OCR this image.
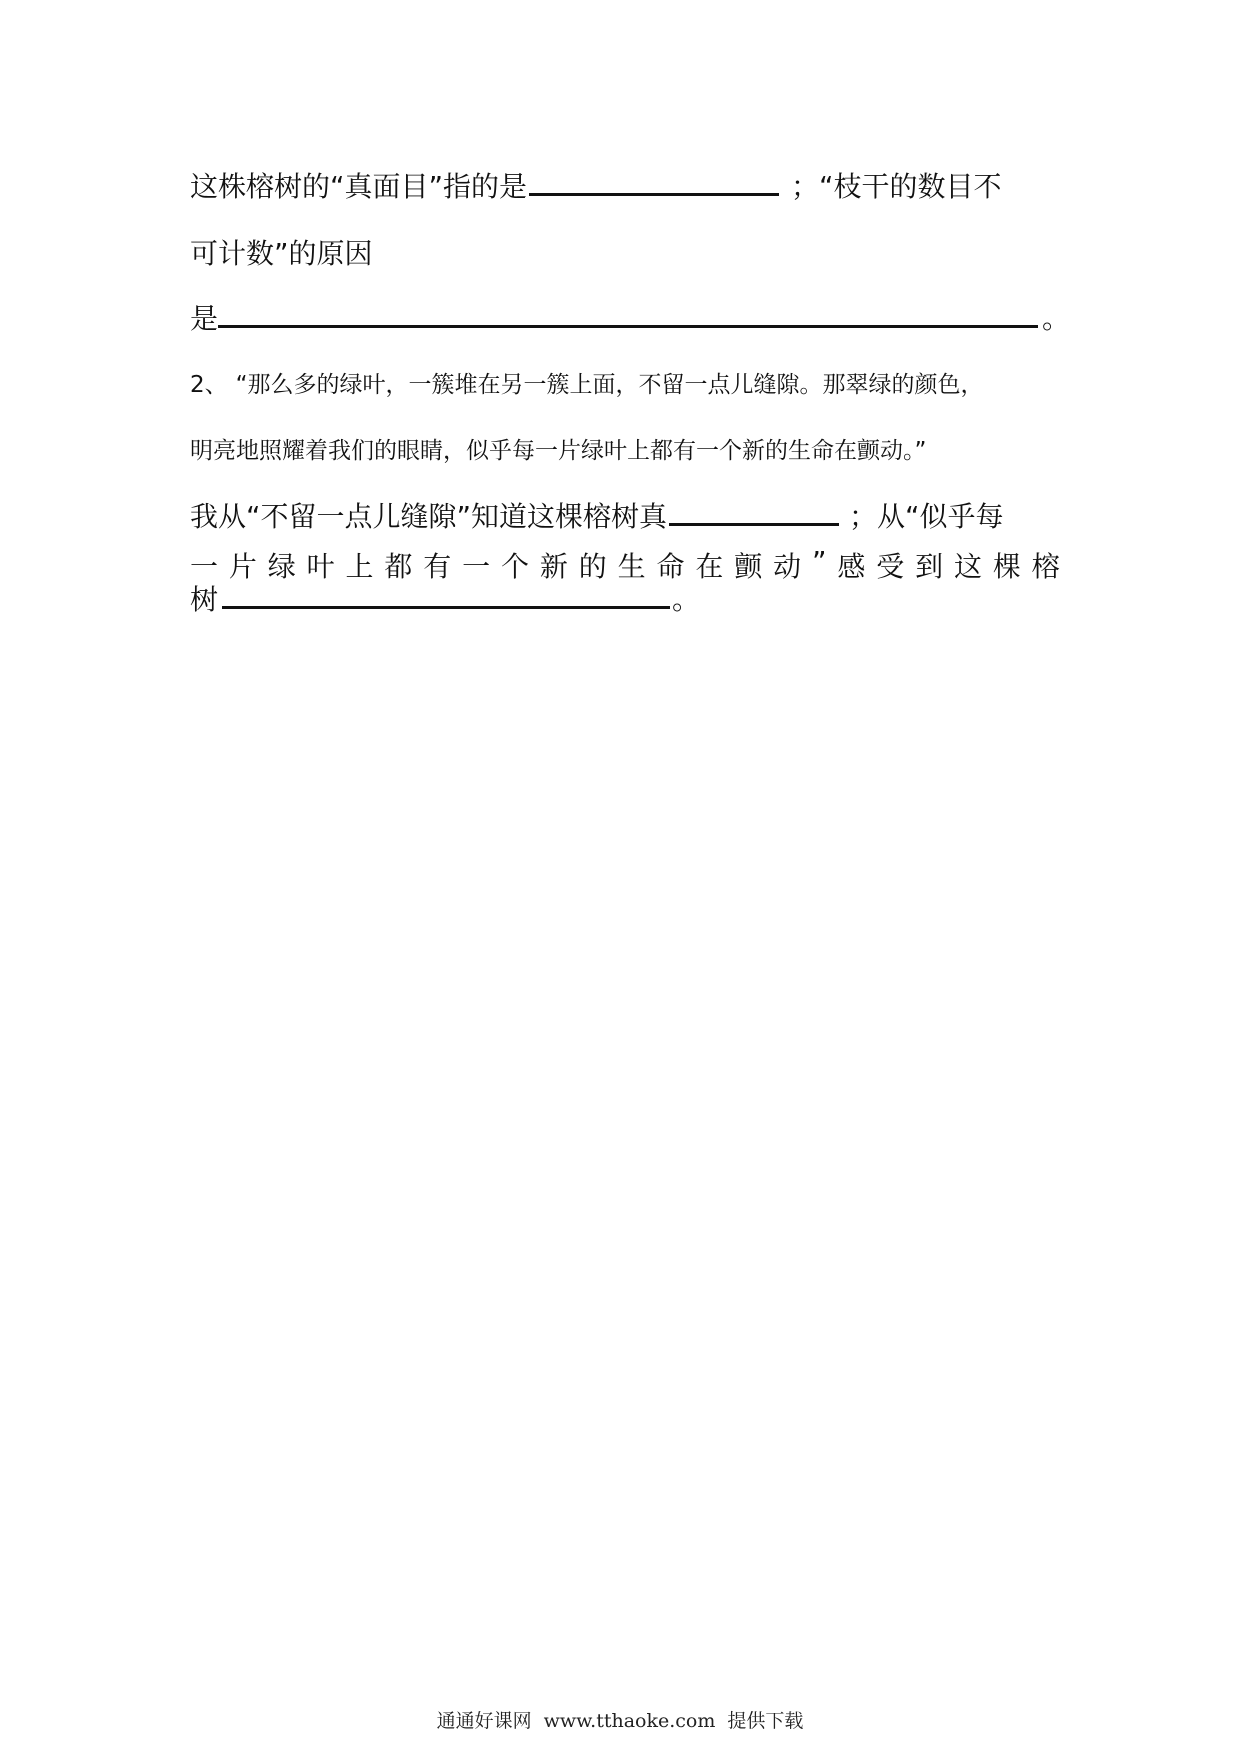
这株榕树的“真面目”指的是	；“枝干的数目不
可计数”的原因
是	。
2、 “那么多的绿叶，一簇堆在另一簇上面，不留一点儿缝隙。那翠绿的颜色，
明亮地照耀着我们的眼睛，似乎每一片绿叶上都有一个新的生命在颤动。”
我从“不留一点儿缝隙”知道这棵榕树真	；从“似乎每
一 片 绿 叶 上 都 有 一 个 新 的 生 命 在 颤 动 ” 感 受 到 这 棵 榕
树	。
通通好课网 www.tthaoke.com 提供下载
